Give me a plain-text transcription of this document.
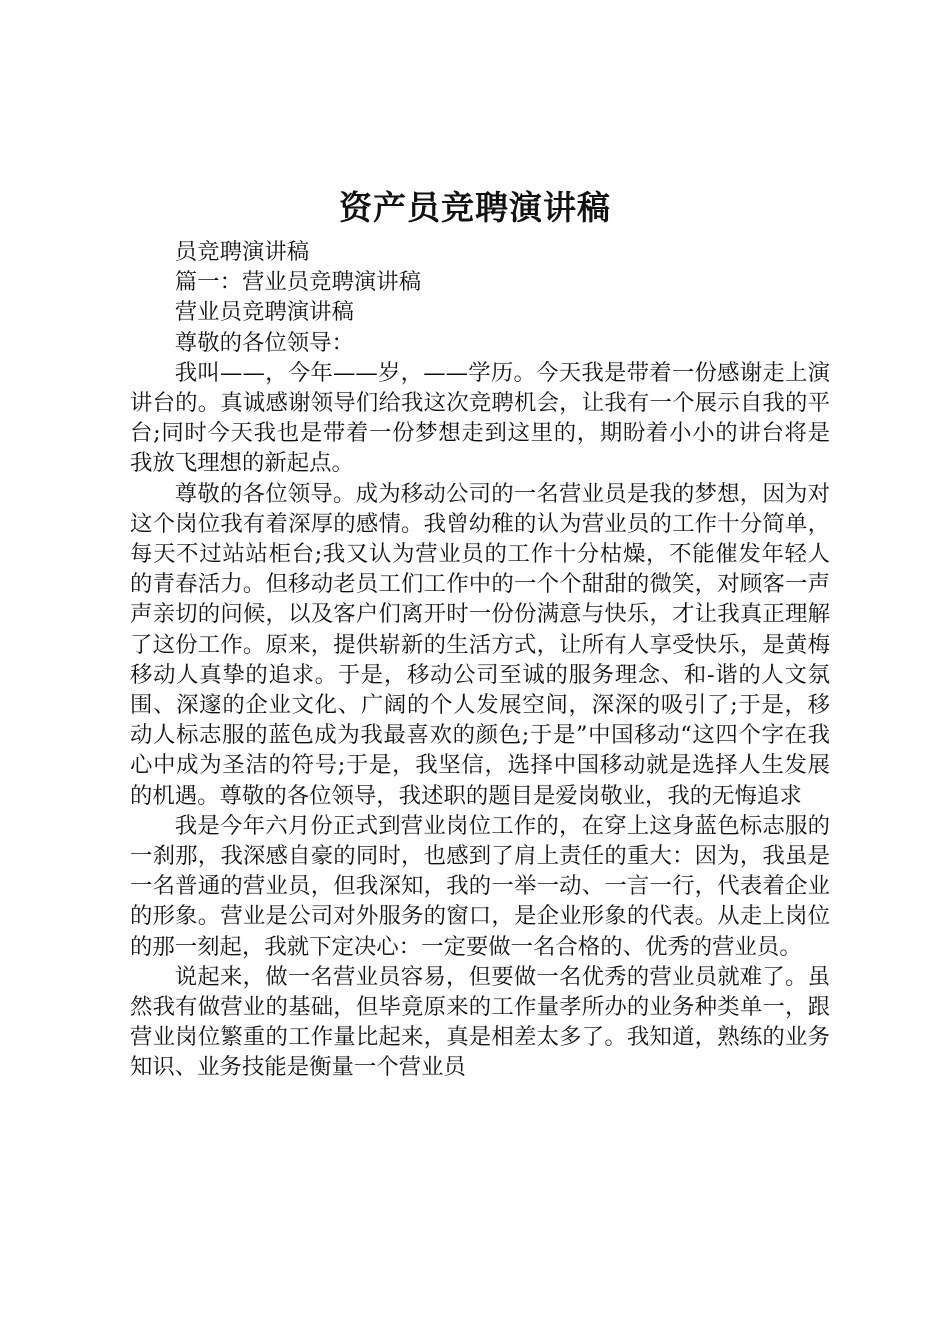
资产员竞聘演讲稿

员竞聘演讲稿

篇一：营业员竞聘演讲稿

营业员竞聘演讲稿

尊敬的各位领导：

我叫——，今年——岁，——学历。今天我是带着一份感谢走上演讲台的。真诚感谢领导们给我这次竞聘机会，让我有一个展示自我的平台;同时今天我也是带着一份梦想走到这里的，期盼着小小的讲台将是我放飞理想的新起点。

尊敬的各位领导。成为移动公司的一名营业员是我的梦想，因为对这个岗位我有着深厚的感情。我曾幼稚的认为营业员的工作十分简单，每天不过站站柜台;我又认为营业员的工作十分枯燥，不能催发年轻人的青春活力。但移动老员工们工作中的一个个甜甜的微笑，对顾客一声声亲切的问候，以及客户们离开时一份份满意与快乐，才让我真正理解了这份工作。原来，提供崭新的生活方式，让所有人享受快乐，是黄梅移动人真挚的追求。于是，移动公司至诚的服务理念、和-谐的人文氛围、深邃的企业文化、广阔的个人发展空间，深深的吸引了;于是，移动人标志服的蓝色成为我最喜欢的颜色;于是”中国移动“这四个字在我心中成为圣洁的符号;于是，我坚信，选择中国移动就是选择人生发展的机遇。尊敬的各位领导，我述职的题目是爱岗敬业，我的无悔追求

我是今年六月份正式到营业岗位工作的，在穿上这身蓝色标志服的一刹那，我深感自豪的同时，也感到了肩上责任的重大：因为，我虽是一名普通的营业员，但我深知，我的一举一动、一言一行，代表着企业的形象。营业是公司对外服务的窗口，是企业形象的代表。从走上岗位的那一刻起，我就下定决心：一定要做一名合格的、优秀的营业员。

说起来，做一名营业员容易，但要做一名优秀的营业员就难了。虽然我有做营业的基础，但毕竟原来的工作量孝所办的业务种类单一，跟营业岗位繁重的工作量比起来，真是相差太多了。我知道，熟练的业务知识、业务技能是衡量一个营业员
